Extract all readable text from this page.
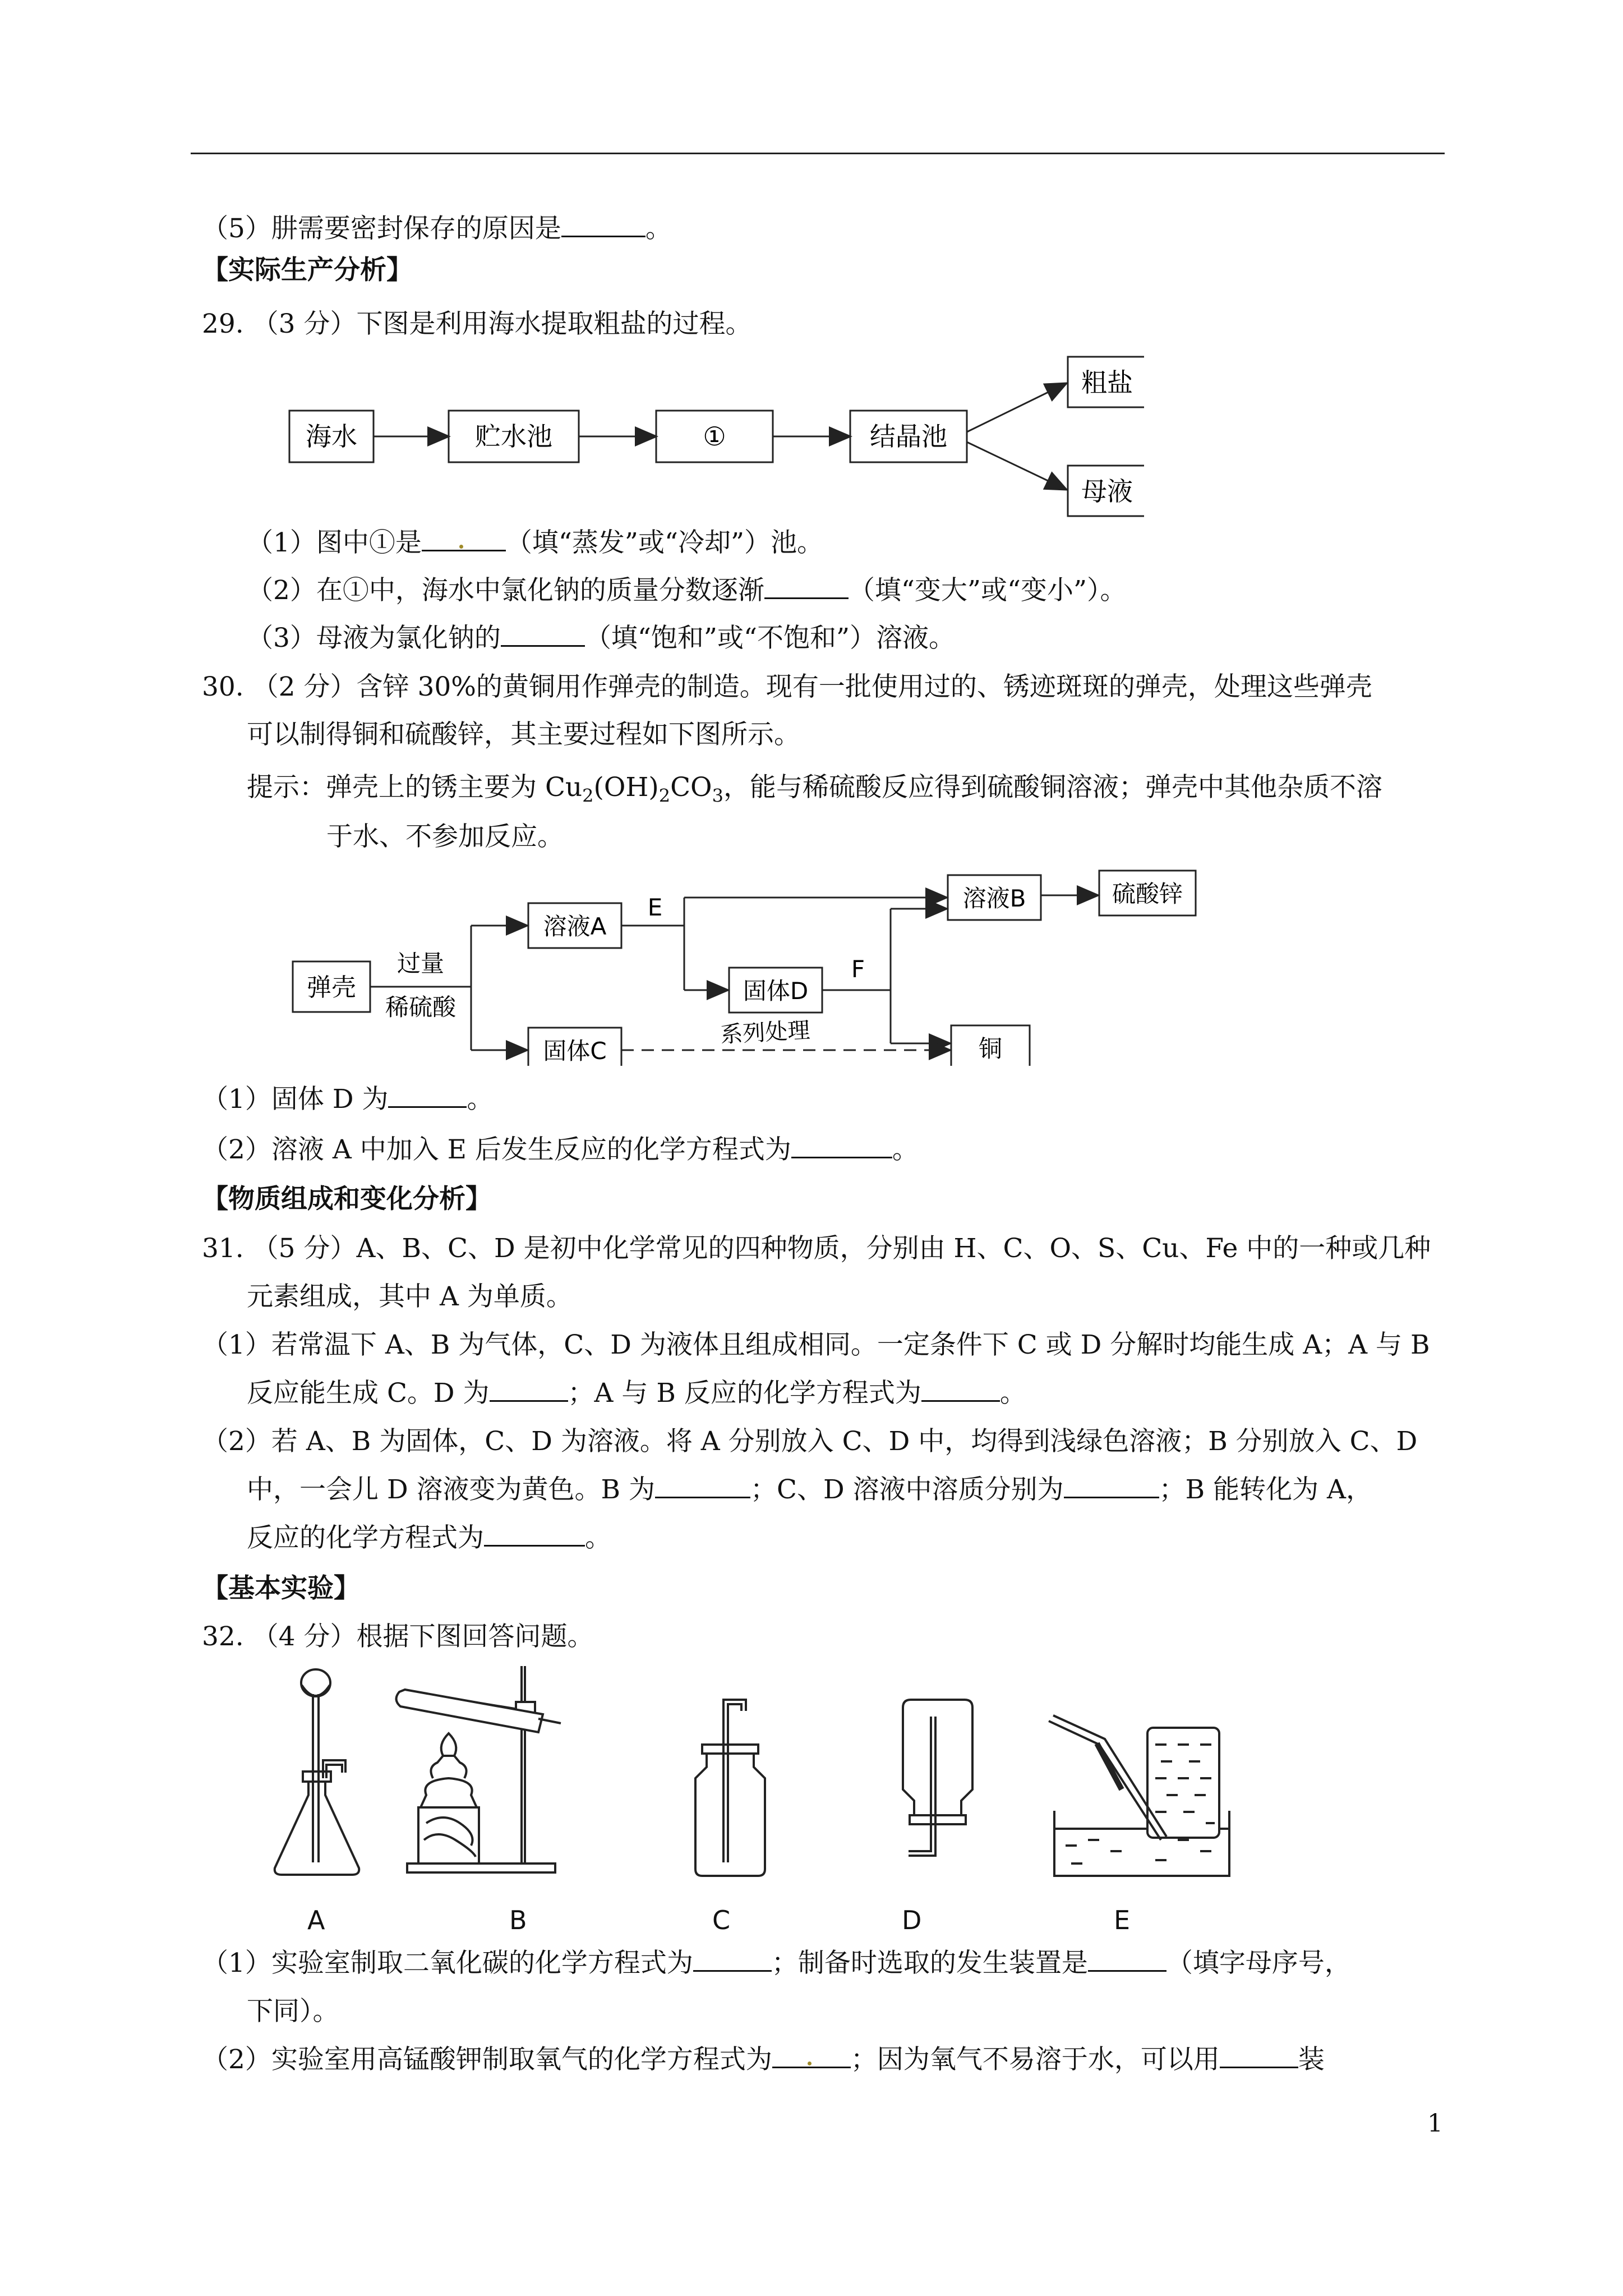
（5）肼需要密封保存的原因是	。
【实际生产分析】
29. （3 分）下图是利用海水提取粗盐的过程。
海水	贮水池	①	结晶池
粗盐
母液
（1）图中①是	（填“蒸发”或“冷却”）池。
（2）在①中，海水中氯化钠的质量分数逐渐	（填“变大”或“变小”）。
（3）母液为氯化钠的	（填“饱和”或“不饱和”）溶液。
30. （2 分）含锌 30%的黄铜用作弹壳的制造。现有一批使用过的、锈迹斑斑的弹壳，处理这些弹壳
可以制得铜和硫酸锌，其主要过程如下图所示。
提示：弹壳上的锈主要为 $Cu_2(OH)_2CO_3$，能与稀硫酸反应得到硫酸铜溶液；弹壳中其他杂质不溶
于水、不参加反应。
弹壳
过量
稀硫酸
溶液A
固体C
E
固体D
F
溶液B	硫酸锌
铜
系列处理
（1）固体 D 为	。
（2）溶液 A 中加入 E 后发生反应的化学方程式为	。
【物质组成和变化分析】
31. （5 分）A、B、C、D 是初中化学常见的四种物质，分别由 H、C、O、S、Cu、Fe 中的一种或几种
元素组成，其中 A 为单质。
（1）若常温下 A、B 为气体，C、D 为液体且组成相同。一定条件下 C 或 D 分解时均能生成 A；A 与 B
反应能生成 C。D 为	；A 与 B 反应的化学方程式为	。
（2）若 A、B 为固体，C、D 为溶液。将 A 分别放入 C、D 中，均得到浅绿色溶液；B 分别放入 C、D
中，一会儿 D 溶液变为黄色。B 为	；C、D 溶液中溶质分别为	；B 能转化为 A，
反应的化学方程式为	。
【基本实验】
32. （4 分）根据下图回答问题。
A	B	C	D	E
（1）实验室制取二氧化碳的化学方程式为	；制备时选取的发生装置是	（填字母序号，
下同）。
（2）实验室用高锰酸钾制取氧气的化学方程式为	；因为氧气不易溶于水，可以用	装
1
